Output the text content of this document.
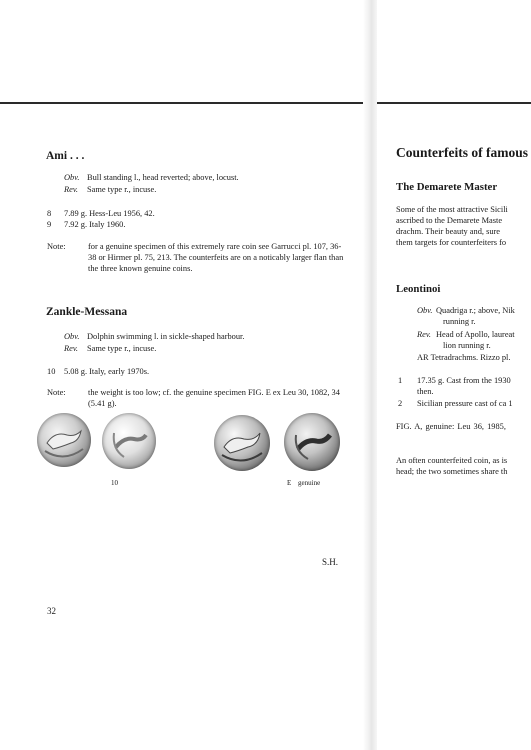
Ami . . .
Obv. Bull standing l., head reverted; above, locust.
Rev. Same type r., incuse.
8 7.89 g. Hess-Leu 1956, 42.
9 7.92 g. Italy 1960.
Note:	for a genuine specimen of this extremely rare coin see Garrucci pl. 107, 36-38 or Hirmer pl. 75, 213. The counterfeits are on a noticably larger flan than the three known genuine coins.
Zankle-Messana
Obv. Dolphin swimming l. in sickle-shaped harbour.
Rev. Same type r., incuse.
10 5.08 g. Italy, early 1970s.
Note:	the weight is too low; cf. the genuine specimen FIG. E ex Leu 30, 1082, 34 (5.41 g).
10	E genuine
S.H.
32
Counterfeits of famous
The Demarete Master
Some of the most attractive Sicili
ascribed to the Demarete Maste
drachm. Their beauty and, sure
them targets for counterfeiters fo
Leontinoi
Obv. Quadriga r.; above, Nik
running r.
Rev. Head of Apollo, laureat
lion running r.
AR Tetradrachms. Rizzo pl.
1 17.35 g. Cast from the 1930
then.
2 Sicilian pressure cast of ca 1
FIG. A, genuine: Leu 36, 1985,
An often counterfeited coin, as is
head; the two sometimes share th
